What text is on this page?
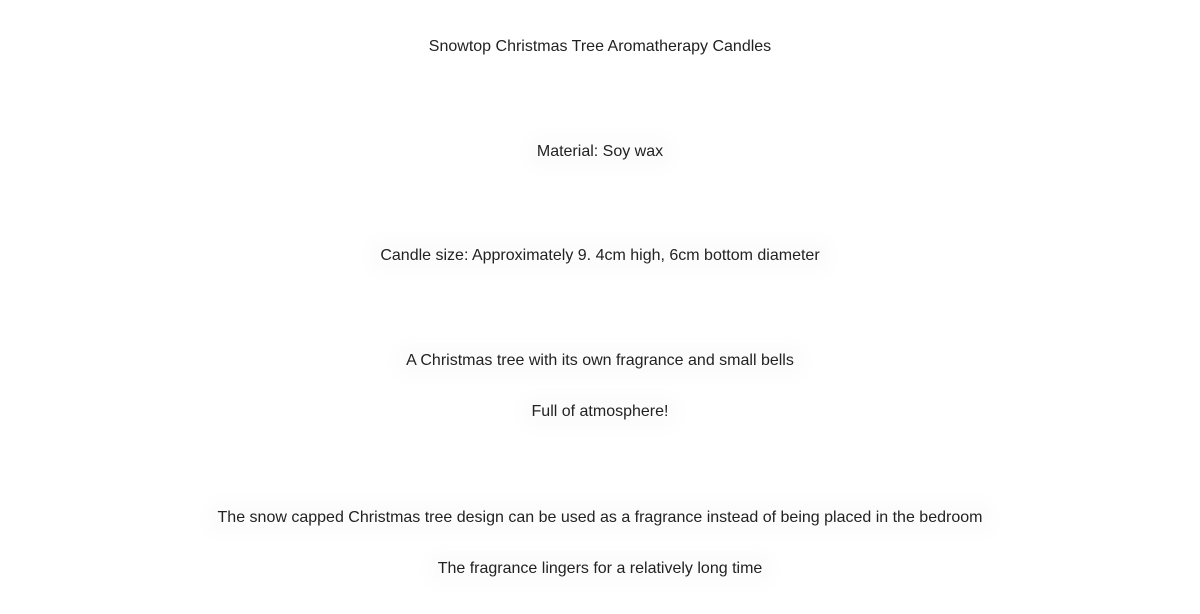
Snowtop Christmas Tree Aromatherapy Candles
Material: Soy wax
Candle size: Approximately 9. 4cm high, 6cm bottom diameter
A Christmas tree with its own fragrance and small bells
Full of atmosphere!
The snow capped Christmas tree design can be used as a fragrance instead of being placed in the bedroom
The fragrance lingers for a relatively long time
